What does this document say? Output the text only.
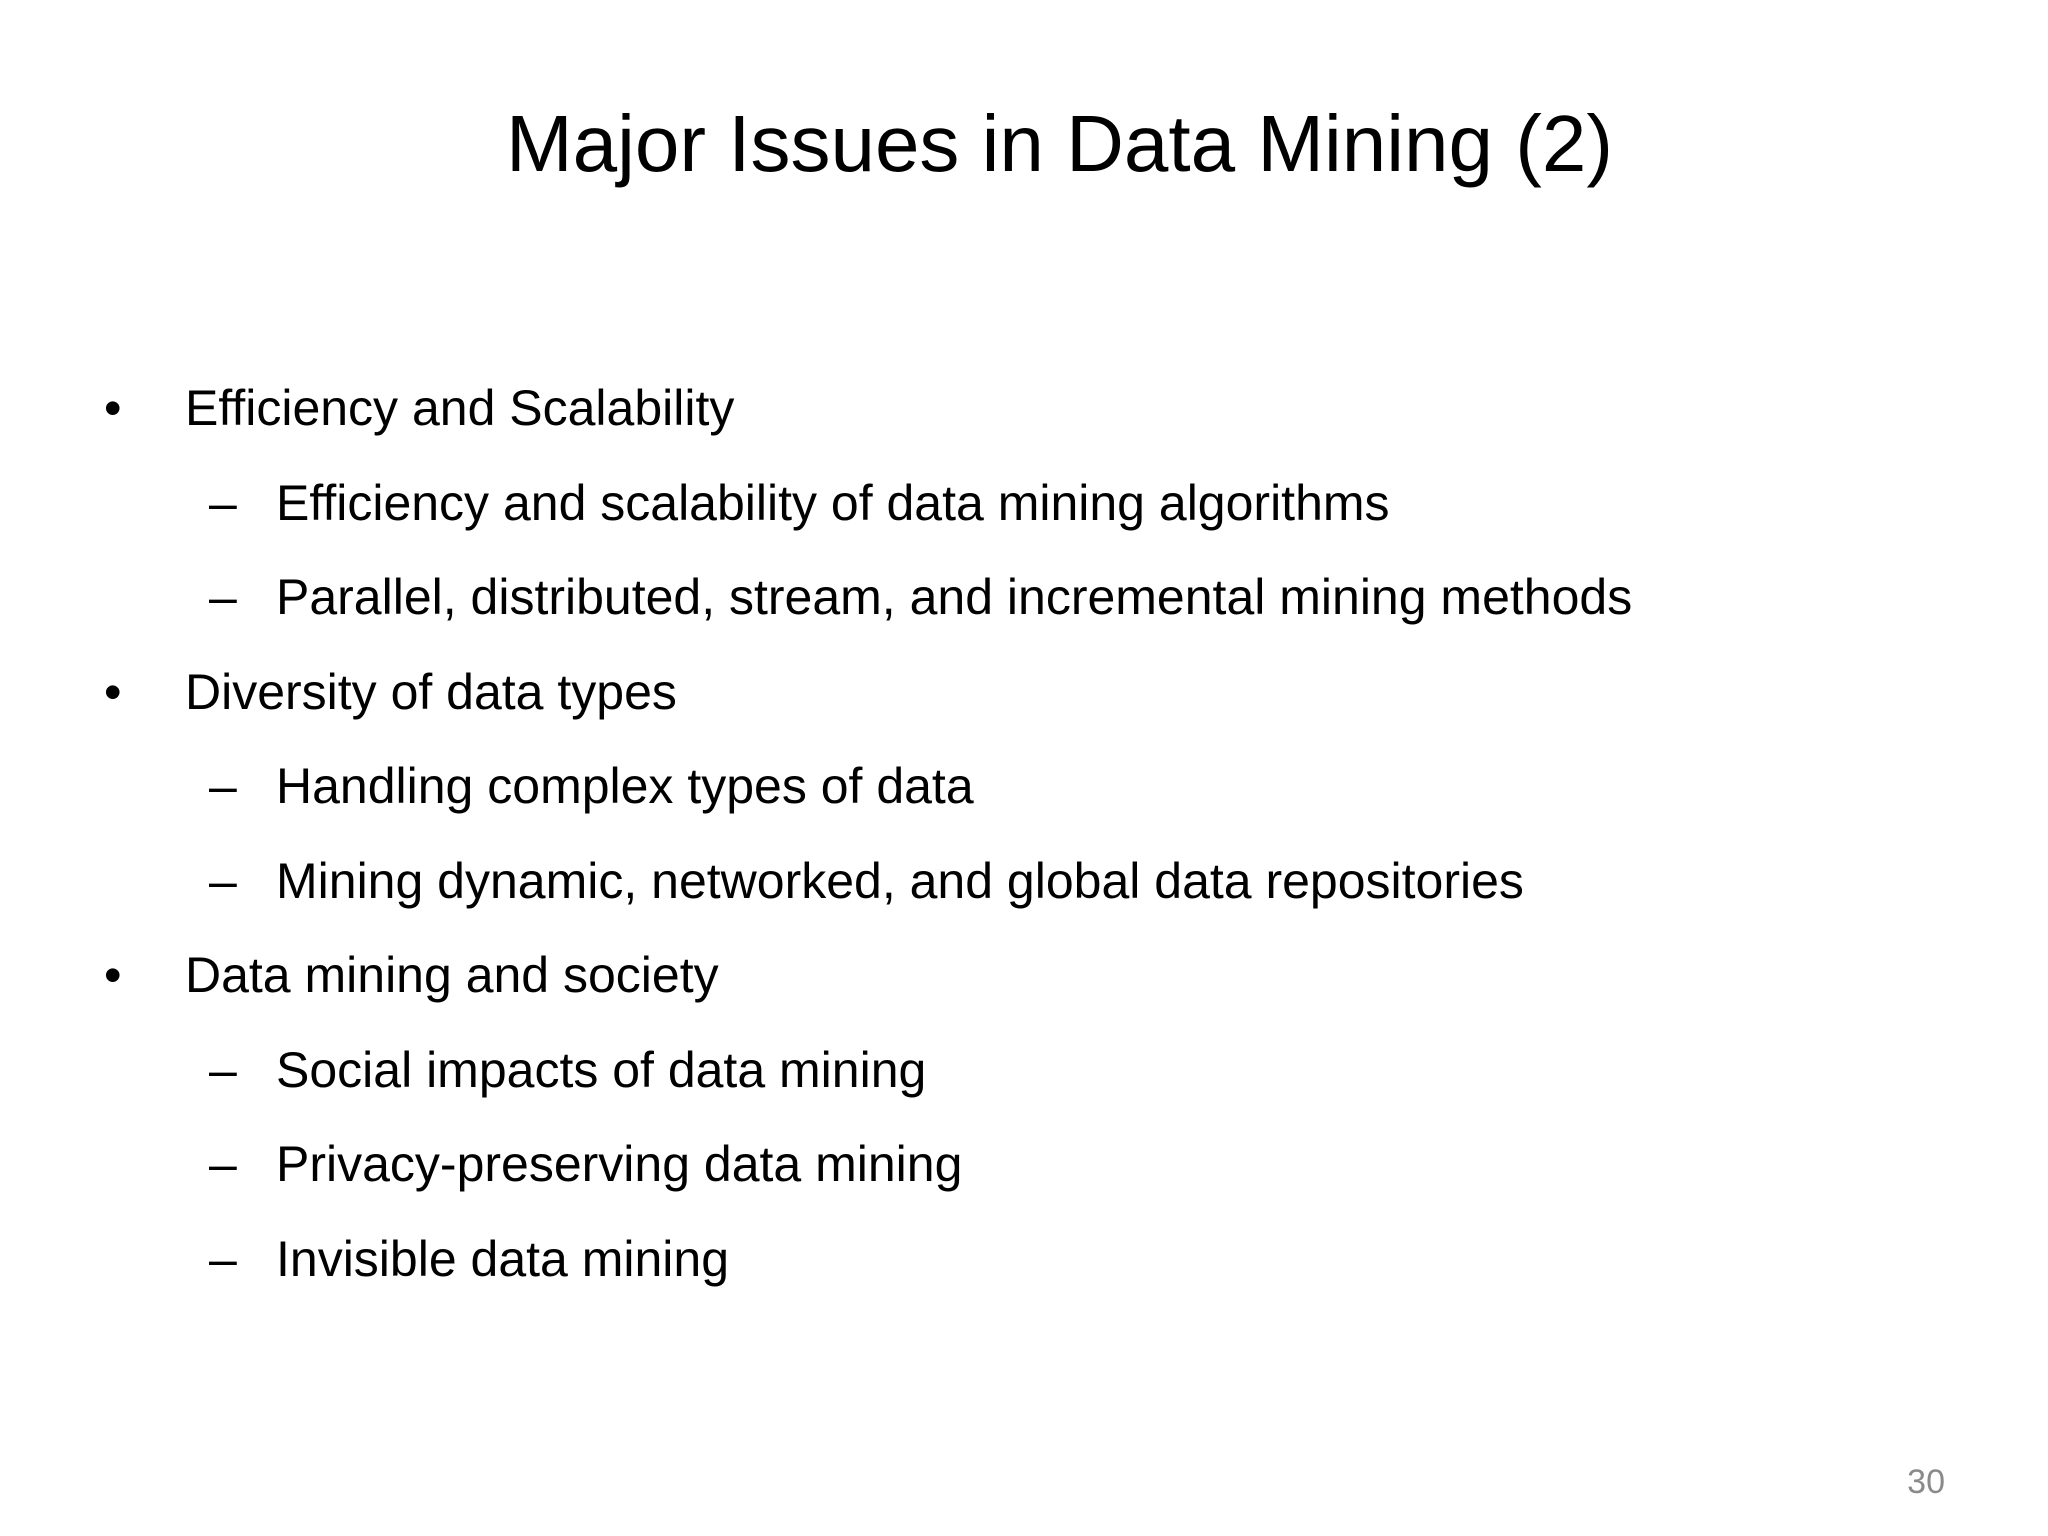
Major Issues in Data Mining (2)
• Efficiency and Scalability
– Efficiency and scalability of data mining algorithms
– Parallel, distributed, stream, and incremental mining methods
• Diversity of data types
– Handling complex types of data
– Mining dynamic, networked, and global data repositories
• Data mining and society
– Social impacts of data mining
– Privacy-preserving data mining
– Invisible data mining
30
